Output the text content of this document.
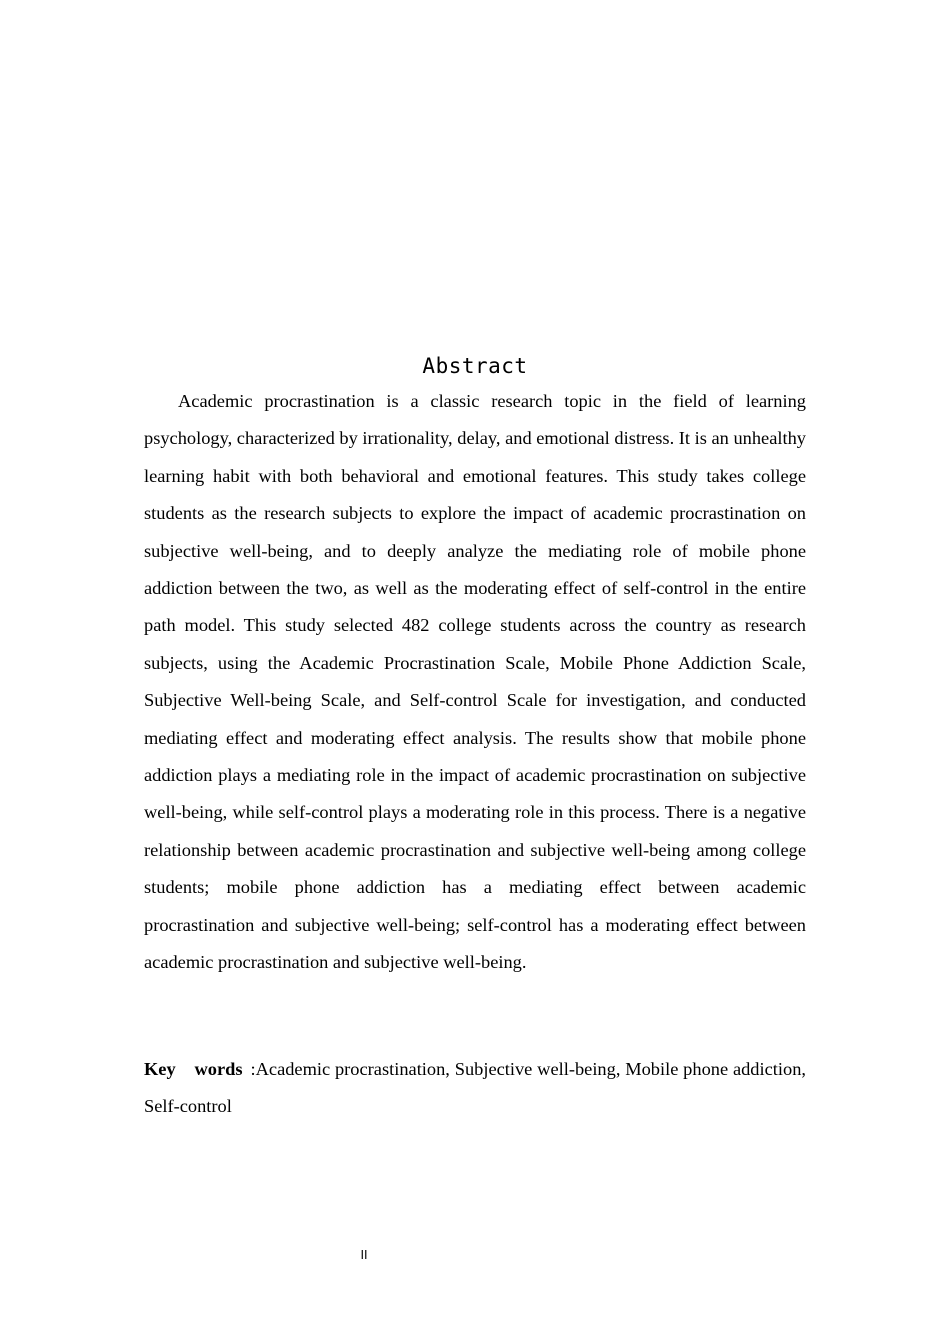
Abstract

Academic procrastination is a classic research topic in the field of learning psychology, characterized by irrationality, delay, and emotional distress. It is an unhealthy learning habit with both behavioral and emotional features. This study takes college students as the research subjects to explore the impact of academic procrastination on subjective well-being, and to deeply analyze the mediating role of mobile phone addiction between the two, as well as the moderating effect of self-control in the entire path model. This study selected 482 college students across the country as research subjects, using the Academic Procrastination Scale, Mobile Phone Addiction Scale, Subjective Well-being Scale, and Self-control Scale for investigation, and conducted mediating effect and moderating effect analysis. The results show that mobile phone addiction plays a mediating role in the impact of academic procrastination on subjective well-being, while self-control plays a moderating role in this process. There is a negative relationship between academic procrastination and subjective well-being among college students; mobile phone addiction has a mediating effect between academic procrastination and subjective well-being; self-control has a moderating effect between academic procrastination and subjective well-being.

Key words :Academic procrastination, Subjective well-being, Mobile phone addiction, Self-control

II
